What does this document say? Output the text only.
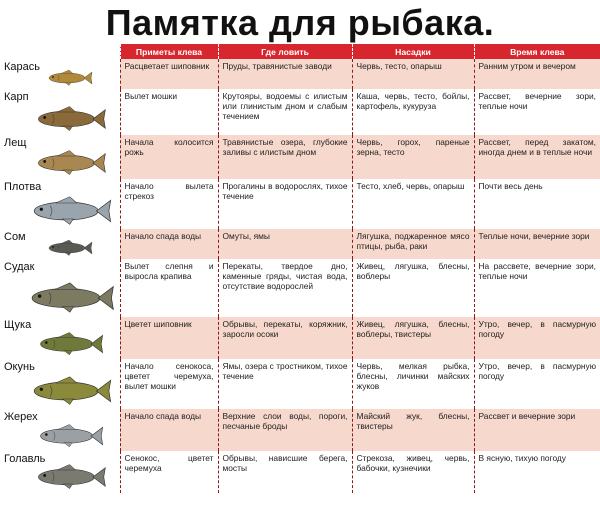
Памятка для рыбака.
	Приметы клева	Где ловить	Насадки	Время клева

Карась	Расцветает шиповник	Пруды, травянистые заводи	Червь, тесто, опарыш	Ранним утром и вечером

Карп	Вылет мошки	Крутояры, водоемы с илистым или глинистым дном и слабым течением	Каша, червь, тесто, бойлы, картофель, кукуруза	Рассвет, вечерние зори, теплые ночи

Лещ	Начала колосится рожь	Травянистые озера, глубокие заливы с илистым дном	Червь, горох, пареные зерна, тесто	Рассвет, перед закатом, иногда днем и в теплые ночи

Плотва	Начало вылета стрекоз	Прогалины в водорослях, тихое течение	Тесто, хлеб, червь, опарыш	Почти весь день

Сом	Начало спада воды	Омуты, ямы	Лягушка, поджаренное мясо птицы, рыба, раки	Теплые ночи, вечерние зори

Судак	Вылет слепня и выросла крапива	Перекаты, твердое дно, каменные гряды, чистая вода, отсутствие водорослей	Живец, лягушка, блесны, воблеры	На рассвете, вечерние зори, теплые ночи

Щука	Цветет шиповник	Обрывы, перекаты, коряжник, заросли осоки	Живец, лягушка, блесны, воблеры, твистеры	Утро, вечер, в пасмурную погоду

Окунь	Начало сенокоса, цветет черемуха, вылет мошки	Ямы, озера с тростником, тихое течение	Червь, мелкая рыбка, блесны, личинки майских жуков	Утро, вечер, в пасмурную погоду

Жерех	Начало спада воды	Верхние слои воды, пороги, песчаные броды	Майский жук, блесны, твистеры	Рассвет и вечерние зори

Голавль	Сенокос, цветет черемуха	Обрывы, нависшие берега, мосты	Стрекоза, живец, червь, бабочки, кузнечики	В ясную, тихую погоду
